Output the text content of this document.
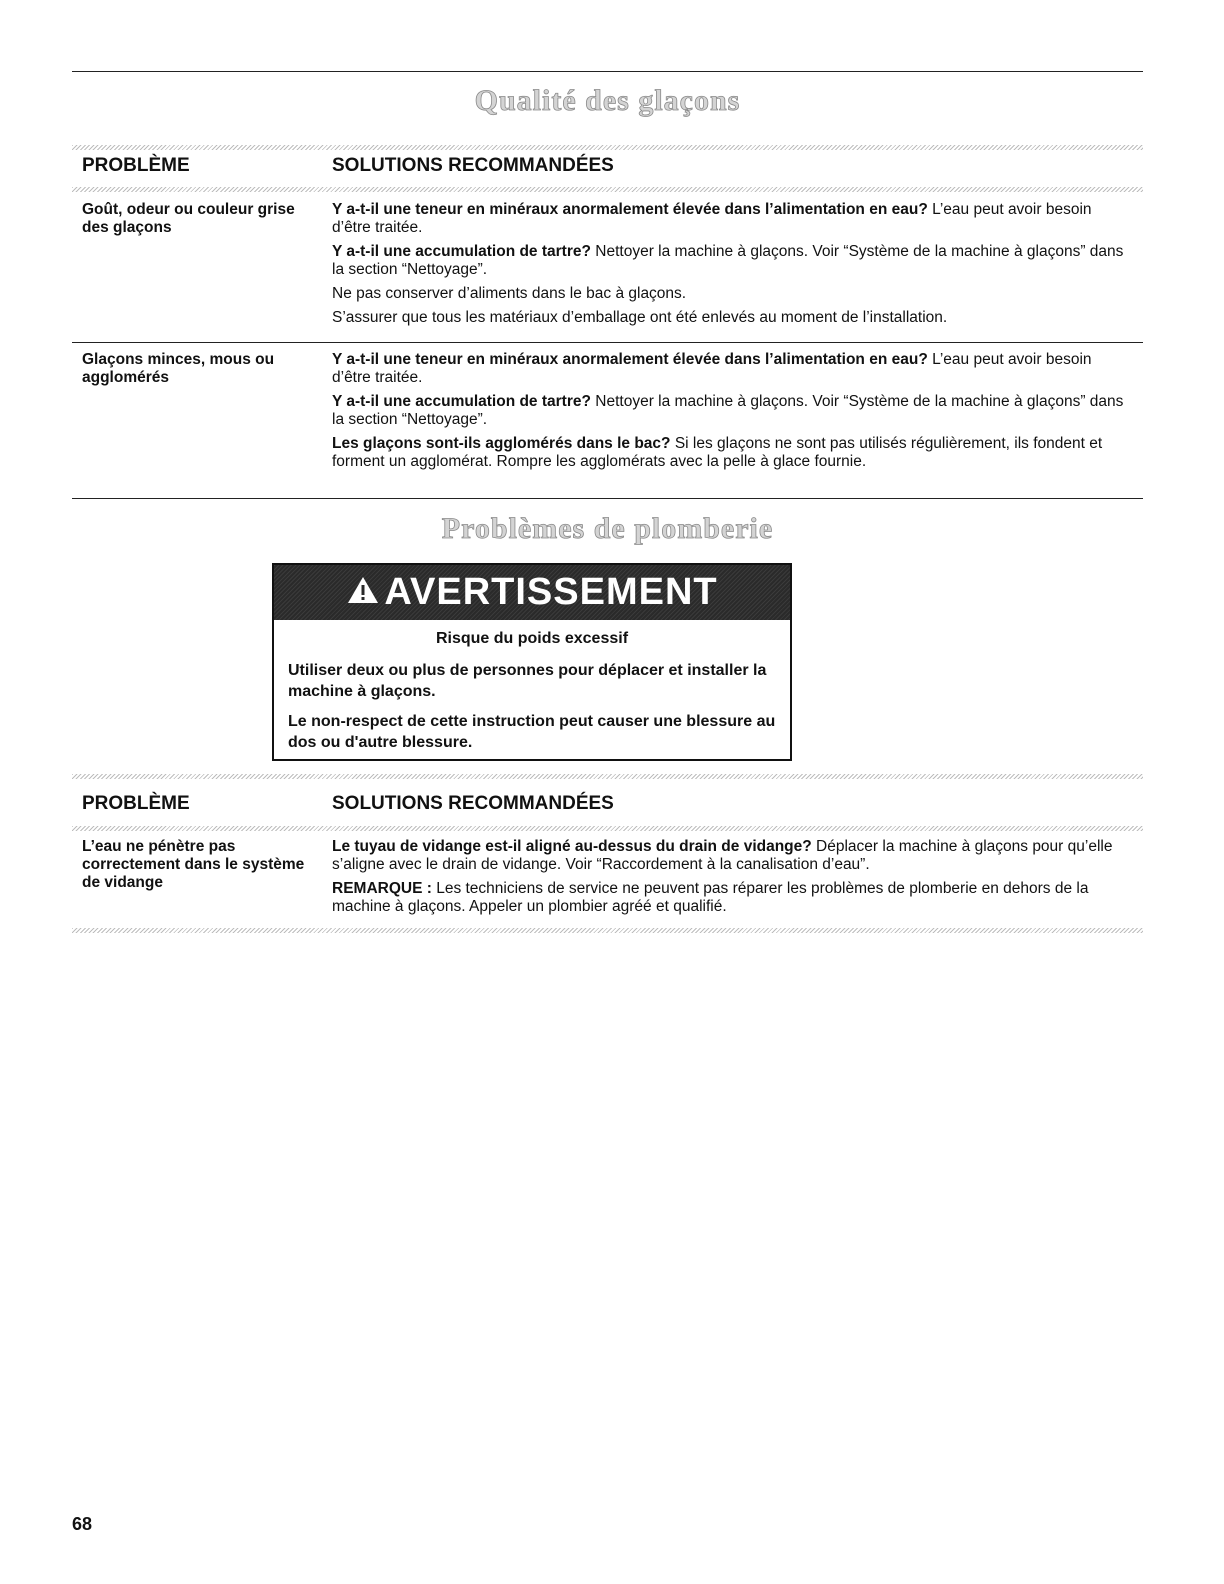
Qualité des glaçons
PROBLÈME	SOLUTIONS RECOMMANDÉES
Goût, odeur ou couleur grise des glaçons

Y a-t-il une teneur en minéraux anormalement élevée dans l’alimentation en eau? L’eau peut avoir besoin d’être traitée.

Y a-t-il une accumulation de tartre? Nettoyer la machine à glaçons. Voir “Système de la machine à glaçons” dans la section “Nettoyage”.

Ne pas conserver d’aliments dans le bac à glaçons.

S’assurer que tous les matériaux d’emballage ont été enlevés au moment de l’installation.

Glaçons minces, mous ou agglomérés

Y a-t-il une teneur en minéraux anormalement élevée dans l’alimentation en eau? L’eau peut avoir besoin d’être traitée.

Y a-t-il une accumulation de tartre? Nettoyer la machine à glaçons. Voir “Système de la machine à glaçons” dans la section “Nettoyage”.

Les glaçons sont-ils agglomérés dans le bac? Si les glaçons ne sont pas utilisés régulièrement, ils fondent et forment un agglomérat. Rompre les agglomérats avec la pelle à glace fournie.

Problèmes de plomberie
PROBLÈME	SOLUTIONS RECOMMANDÉES
L’eau ne pénètre pas correctement dans le système de vidange

Le tuyau de vidange est-il aligné au-dessus du drain de vidange? Déplacer la machine à glaçons pour qu’elle s’aligne avec le drain de vidange. Voir “Raccordement à la canalisation d’eau”.

REMARQUE : Les techniciens de service ne peuvent pas réparer les problèmes de plomberie en dehors de la machine à glaçons. Appeler un plombier agréé et qualifié.

AVERTISSEMENT
Risque du poids excessif

Utiliser deux ou plus de personnes pour déplacer et installer la machine à glaçons.

Le non-respect de cette instruction peut causer une blessure au dos ou d'autre blessure.

68
